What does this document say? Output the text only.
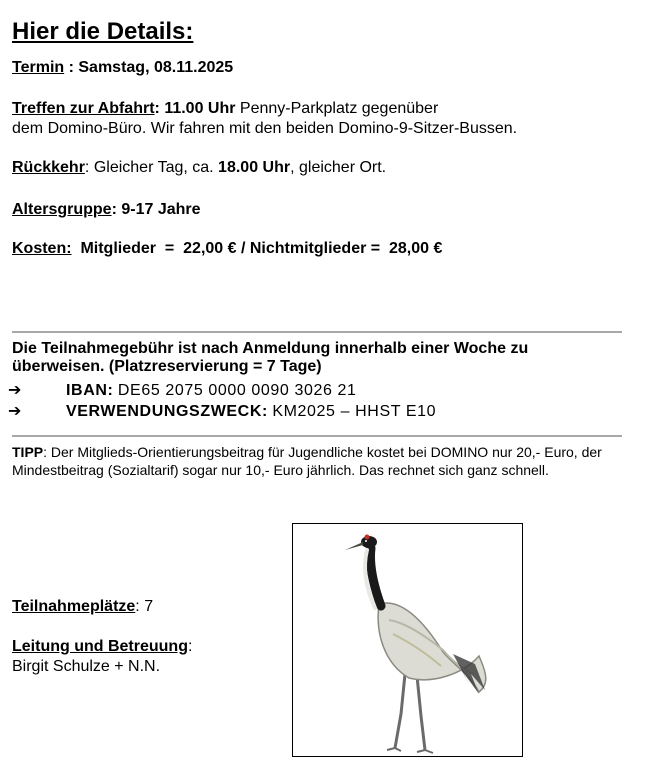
Hier die Details:
Termin : Samstag, 08.11.2025
Treffen zur Abfahrt: 11.00 Uhr Penny-Parkplatz gegenüber
dem Domino-Büro. Wir fahren mit den beiden Domino-9-Sitzer-Bussen.
Rückkehr: Gleicher Tag, ca. 18.00 Uhr, gleicher Ort.
Altersgruppe: 9-17 Jahre
Kosten: Mitglieder  =  22,00 € / Nichtmitglieder =  28,00 €
Die Teilnahmegebühr ist nach Anmeldung innerhalb einer Woche zu
überweisen. (Platzreservierung = 7 Tage)
➔	IBAN: DE65 2075 0000 0090 3026 21
➔	VERWENDUNGSZWECK: KM2025 – HHST E10
TIPP: Der Mitglieds-Orientierungsbeitrag für Jugendliche kostet bei DOMINO nur 20,- Euro, der Mindestbeitrag (Sozialtarif) sogar nur 10,- Euro jährlich. Das rechnet sich ganz schnell.
Teilnahmeplätze: 7
Leitung und Betreuung:
Birgit Schulze + N.N.
